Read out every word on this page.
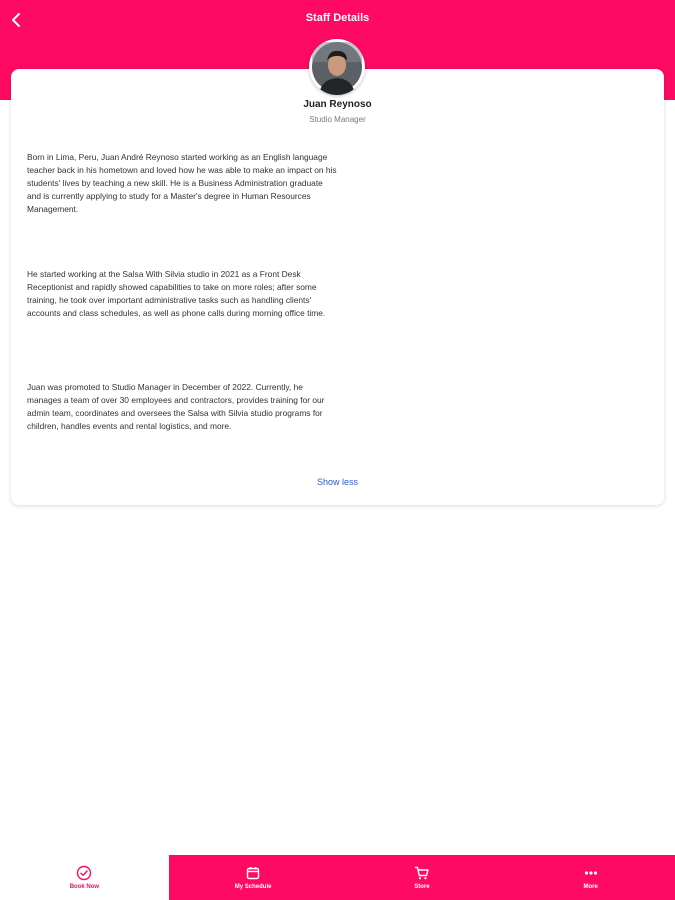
Staff Details
Juan Reynoso
Studio Manager

Born in Lima, Peru, Juan André Reynoso started working as an English language teacher back in his hometown and loved how he was able to make an impact on his students' lives by teaching a new skill. He is a Business Administration graduate and is currently applying to study for a Master's degree in Human Resources Management.

He started working at the Salsa With Silvia studio in 2021 as a Front Desk Receptionist and rapidly showed capabilities to take on more roles; after some training, he took over important administrative tasks such as handling clients' accounts and class schedules, as well as phone calls during morning office time.

Juan was promoted to Studio Manager in December of 2022. Currently, he manages a team of over 30 employees and contractors, provides training for our admin team, coordinates and oversees the Salsa with Silvia studio programs for children, handles events and rental logistics, and more.

Show less
Book Now	My Schedule	Store	More
